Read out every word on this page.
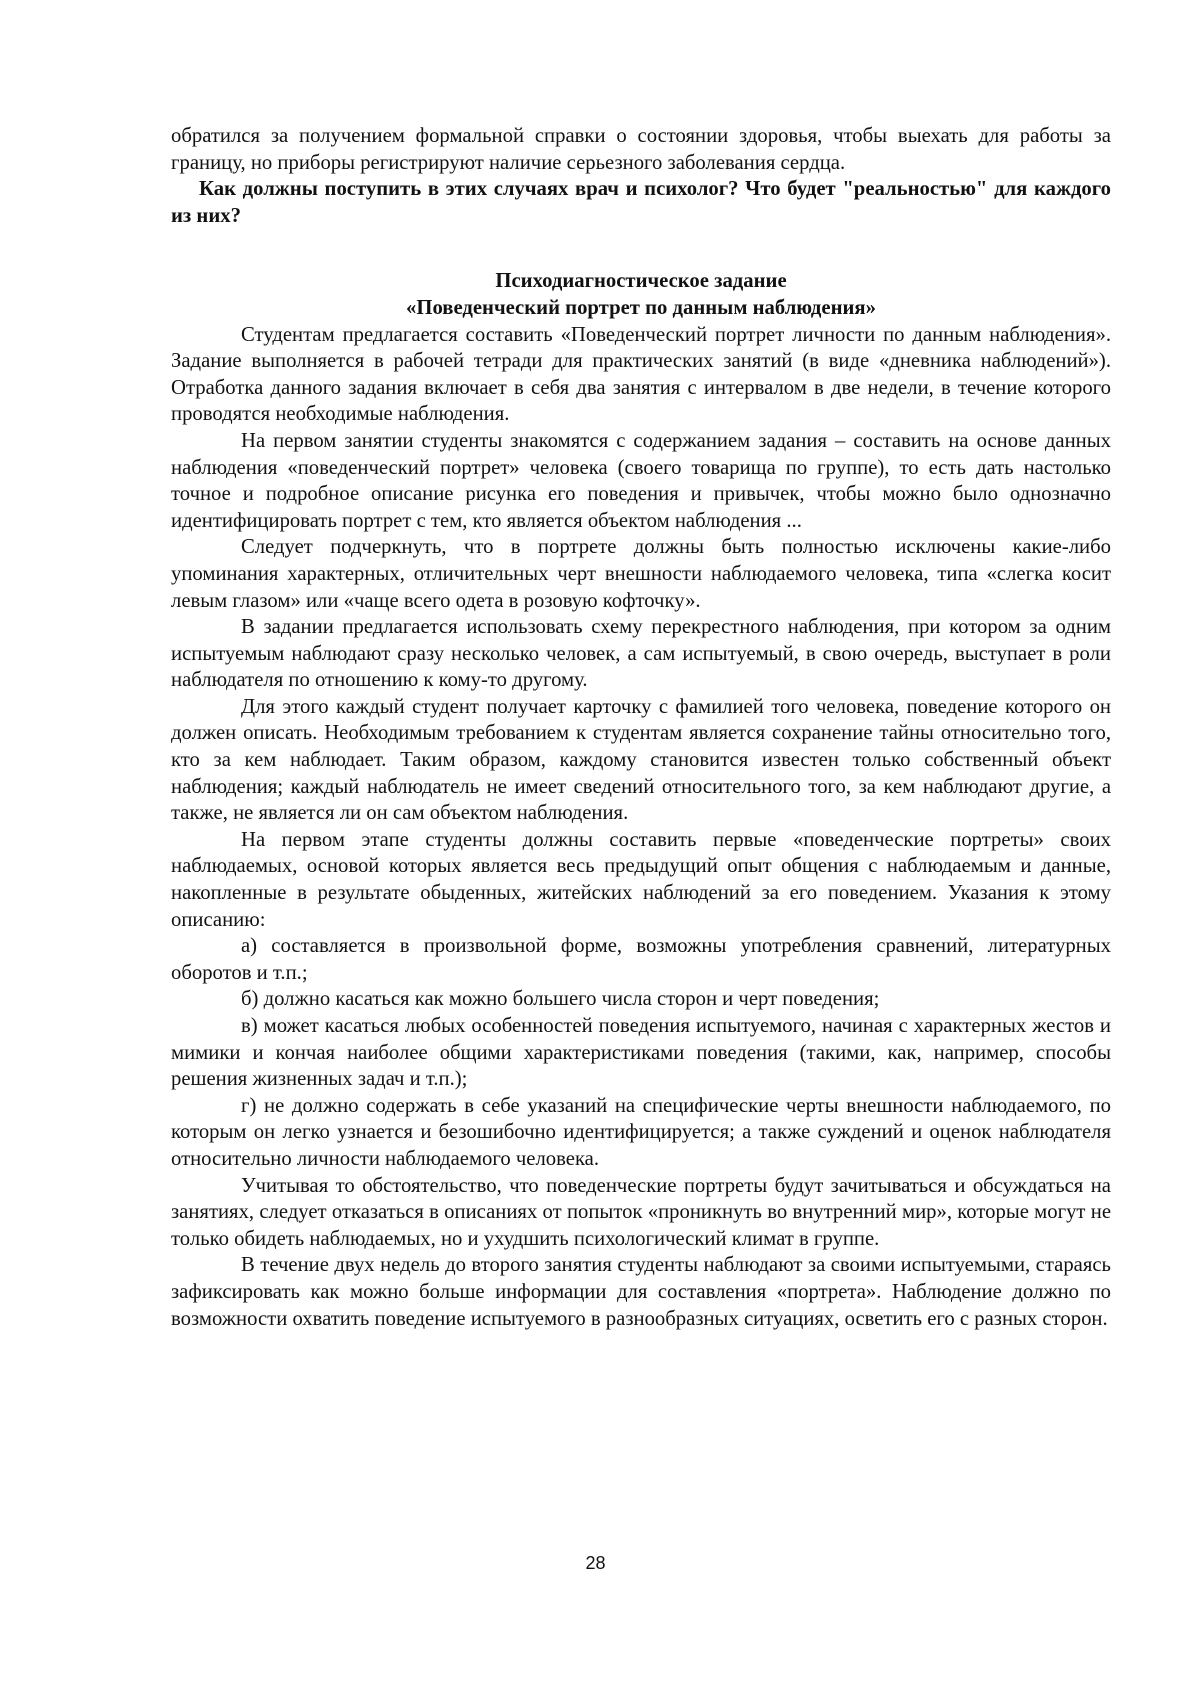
обратился за получением формальной справки о состоянии здоровья, чтобы выехать для работы за границу, но приборы регистрируют наличие серьезного заболевания сердца.

Как должны поступить в этих случаях врач и психолог? Что будет "реальностью" для каждого из них?

Психодиагностическое задание

«Поведенческий портрет по данным наблюдения»

Студентам предлагается составить «Поведенческий портрет личности по данным наблюдения». Задание выполняется в рабочей тетради для практических занятий (в виде «дневника наблюдений»). Отработка данного задания включает в себя два занятия с интервалом в две недели, в течение которого проводятся необходимые наблюдения.

На первом занятии студенты знакомятся с содержанием задания – составить на основе данных наблюдения «поведенческий портрет» человека (своего товарища по группе), то есть дать настолько точное и подробное описание рисунка его поведения и привычек, чтобы можно было однозначно идентифицировать портрет с тем, кто является объектом наблюдения ...

Следует подчеркнуть, что в портрете должны быть полностью исключены какие-либо упоминания характерных, отличительных черт внешности наблюдаемого человека, типа «слегка косит левым глазом» или «чаще всего одета в розовую кофточку».

В задании предлагается использовать схему перекрестного наблюдения, при котором за одним испытуемым наблюдают сразу несколько человек, а сам испытуемый, в свою очередь, выступает в роли наблюдателя по отношению к кому-то другому.

Для этого каждый студент получает карточку с фамилией того человека, поведение которого он должен описать. Необходимым требованием к студентам является сохранение тайны относительно того, кто за кем наблюдает. Таким образом, каждому становится известен только собственный объект наблюдения; каждый наблюдатель не имеет сведений относительного того, за кем наблюдают другие, а также, не является ли он сам объектом наблюдения.

На первом этапе студенты должны составить первые «поведенческие портреты» своих наблюдаемых, основой которых является весь предыдущий опыт общения с наблюдаемым и данные, накопленные в результате обыденных, житейских наблюдений за его поведением. Указания к этому описанию:

а) составляется в произвольной форме, возможны употребления сравнений, литературных оборотов и т.п.;

б) должно касаться как можно большего числа сторон и черт поведения;

в) может касаться любых особенностей поведения испытуемого, начиная с характерных жестов и мимики и кончая наиболее общими характеристиками поведения (такими, как, например, способы решения жизненных задач и т.п.);

г) не должно содержать в себе указаний на специфические черты внешности наблюдаемого, по которым он легко узнается и безошибочно идентифицируется; а также суждений и оценок наблюдателя относительно личности наблюдаемого человека.

Учитывая то обстоятельство, что поведенческие портреты будут зачитываться и обсуждаться на занятиях, следует отказаться в описаниях от попыток «проникнуть во внутренний мир», которые могут не только обидеть наблюдаемых, но и ухудшить психологический климат в группе.

В течение двух недель до второго занятия студенты наблюдают за своими испытуемыми, стараясь зафиксировать как можно больше информации для составления «портрета». Наблюдение должно по возможности охватить поведение испытуемого в разнообразных ситуациях, осветить его с разных сторон.

28
